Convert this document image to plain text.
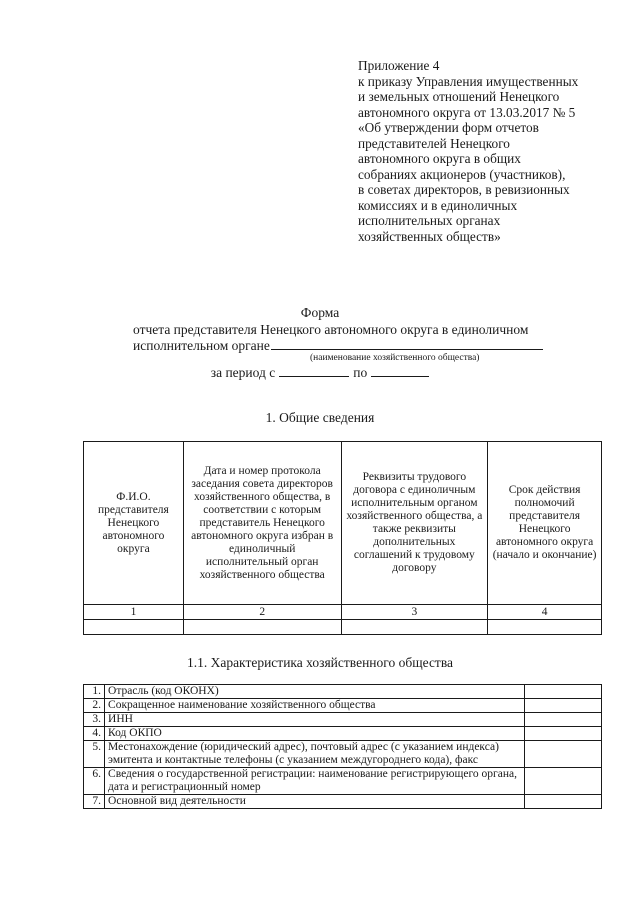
Приложение 4
к приказу Управления имущественных
и земельных отношений Ненецкого
автономного округа от 13.03.2017 № 5
«Об утверждении форм отчетов
представителей Ненецкого
автономного округа в общих
собраниях акционеров (участников),
в советах директоров, в ревизионных
комиссиях и в единоличных
исполнительных органах
хозяйственных обществ»
Форма
отчета представителя Ненецкого автономного округа в единоличном
исполнительном органе
(наименование хозяйственного общества)
за период с	по
1. Общие сведения
Ф.И.О. представителя Ненецкого автономного округа	Дата и номер протокола заседания совета директоров хозяйственного общества, в соответствии с которым представитель Ненецкого автономного округа избран в единоличный исполнительный орган хозяйственного общества	Реквизиты трудового договора с единоличным исполнительным органом хозяйственного общества, а также реквизиты дополнительных соглашений к трудовому договору	Срок действия полномочий представителя Ненецкого автономного округа (начало и окончание)
1	2	3	4

1.1. Характеристика хозяйственного общества
1.	Отрасль (код ОКОНХ)	
2.	Сокращенное наименование хозяйственного общества	
3.	ИНН	
4.	Код ОКПО	
5.	Местонахождение (юридический адрес), почтовый адрес (с указанием индекса) эмитента и контактные телефоны (с указанием междугороднего кода), факс	
6.	Сведения о государственной регистрации: наименование регистрирующего органа, дата и регистрационный номер	
7.	Основной вид деятельности	
